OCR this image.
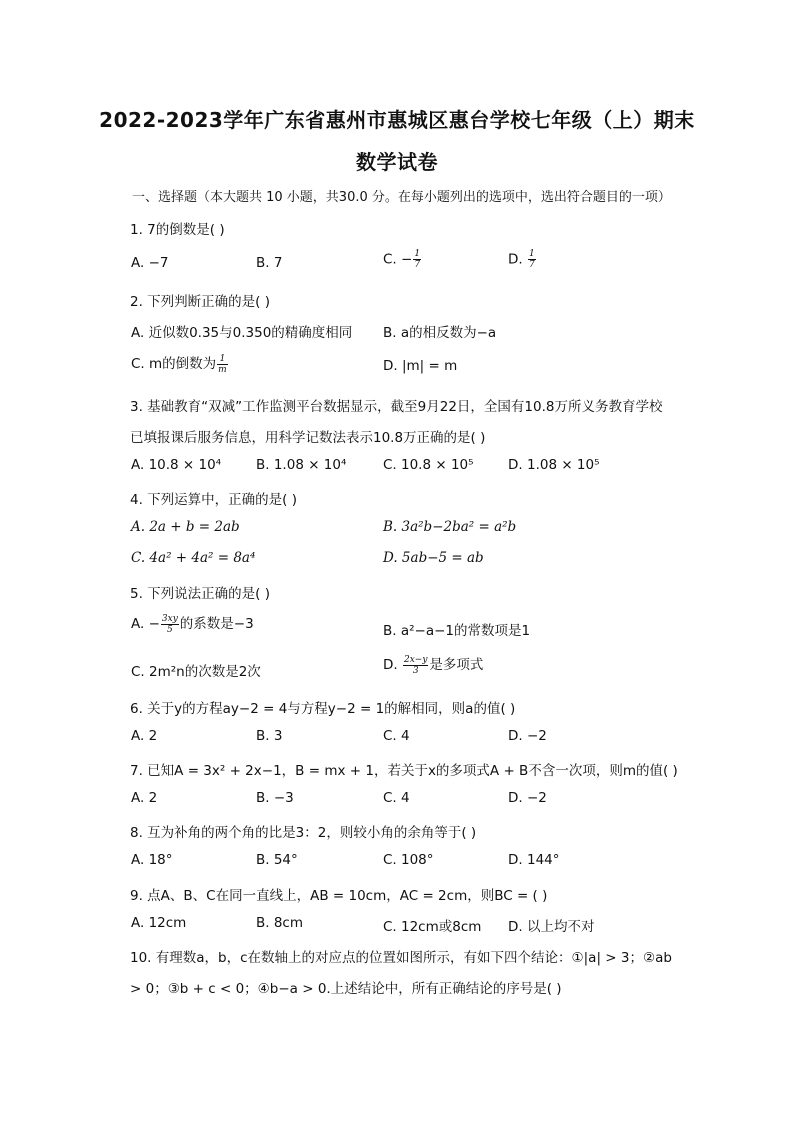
2022-2023学年广东省惠州市惠城区惠台学校七年级（上）期末
数学试卷
一、选择题（本大题共 10 小题，共30.0 分。在每小题列出的选项中，选出符合题目的一项）
1. 7的倒数是( )
A. −7	B. 7	C. − $\frac{1}{7}$	D. $\frac{1}{7}$
2. 下列判断正确的是( )
A. 近似数0.35与0.350的精确度相同 B. a的相反数为−a
C. m的倒数为 $\frac{1}{m}$	D. |m| = m
3. 基础教育“双减”工作监测平台数据显示，截至9月22日，全国有10.8万所义务教育学校
已填报课后服务信息，用科学记数法表示10.8万正确的是( )
A. 10.8 × 10⁴	B. 1.08 × 10⁴	C. 10.8 × 10⁵	D. 1.08 × 10⁵
4. 下列运算中，正确的是( )
A. 2a + b = 2ab	B. 3a²b−2ba² = a²b
C. 4a² + 4a² = 8a⁴	D. 5ab−5 = ab
5. 下列说法正确的是( )
A. − $\frac{3xy}{5}$ 的系数是−3	B. a²−a−1的常数项是1
C. 2m²n的次数是2次	D. $\frac{2x-y}{3}$ 是多项式
6. 关于y的方程ay−2 = 4与方程y−2 = 1的解相同，则a的值( )
A. 2	B. 3	C. 4	D. −2
7. 已知A = 3x² + 2x−1，B = mx + 1，若关于x的多项式A + B不含一次项，则m的值( )
A. 2	B. −3	C. 4	D. −2
8. 互为补角的两个角的比是3：2，则较小角的余角等于( )
A. 18°	B. 54°	C. 108°	D. 144°
9. 点A、B、C在同一直线上，AB = 10cm，AC = 2cm，则BC = ( )
A. 12cm	B. 8cm	C. 12cm或8cm D. 以上均不对
10. 有理数a，b，c在数轴上的对应点的位置如图所示，有如下四个结论：①|a| > 3；②ab
> 0；③b + c < 0；④b−a > 0.上述结论中，所有正确结论的序号是( )
